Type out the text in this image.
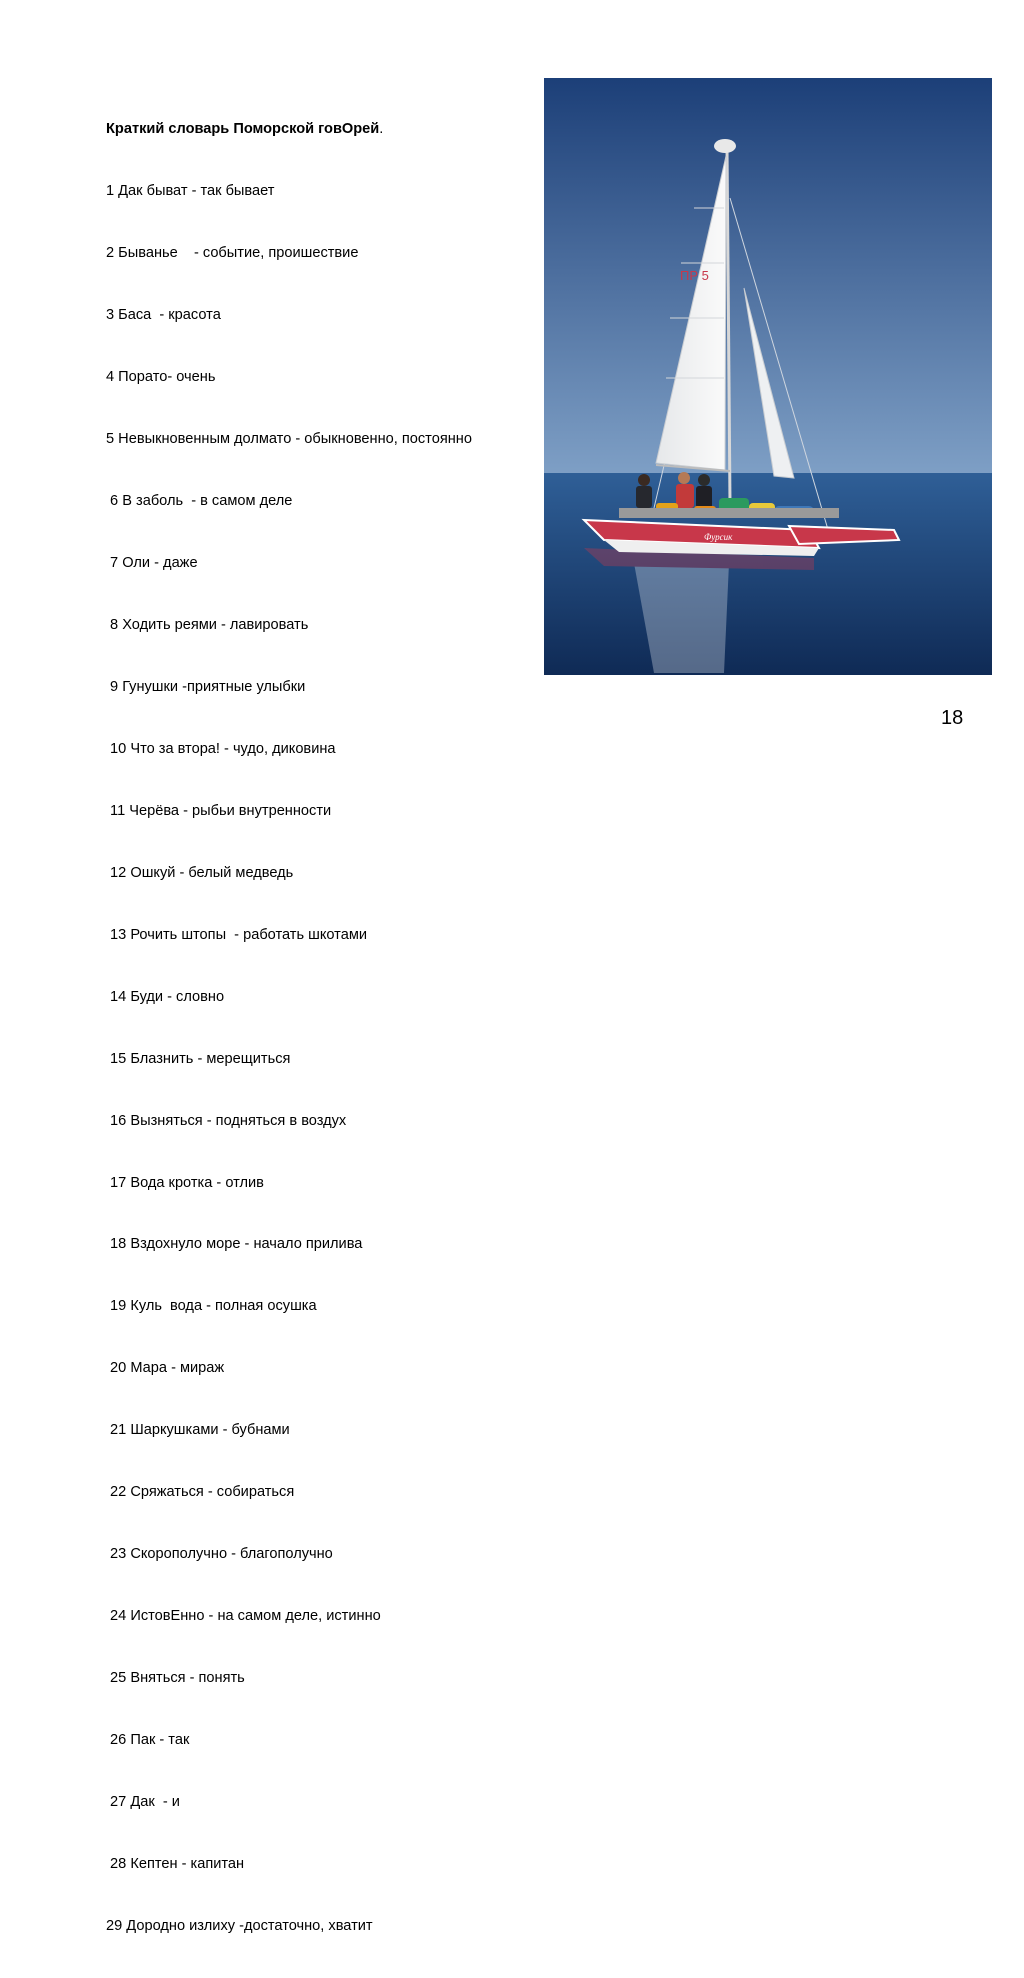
Краткий словарь Поморской говОрей.

1 Дак быват - так бывает

2 Быванье    - событие, проишествие

3 Баса  - красота

4 Порато- очень

5 Невыкновенным долмато - обыкновенно, постоянно

6 В заболь  - в самом деле

7 Оли - даже

8 Ходить реями - лавировать

9 Гунушки -приятные улыбки

10 Что за втора! - чудо, диковина

11 Черёва - рыбьи внутренности

12 Ошкуй - белый медведь

13 Рочить штопы  - работать шкотами

14 Буди - словно

15 Блазнить - мерещиться

16 Вызняться - подняться в воздух

17 Вода кротка - отлив

18 Вздохнуло море - начало прилива

19 Куль  вода - полная осушка

20 Мара - мираж

21 Шаркушками - бубнами

22 Сряжаться - собираться

23 Скорополучно - благополучно

24 ИстовЕнно - на самом деле, истинно

25 Вняться - понять

26 Пак - так

27 Дак  - и

28 Кептен - капитан

29 Дородно излиху -достаточно, хватит

ПР 5
Фурсик
18
